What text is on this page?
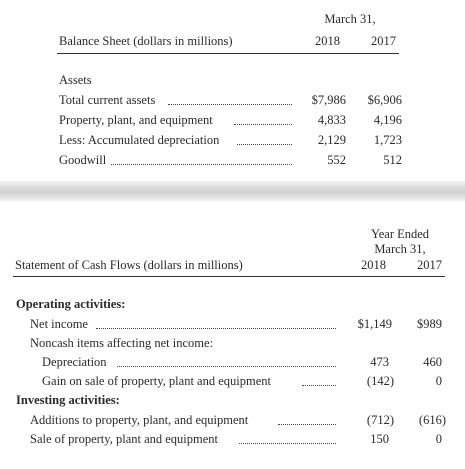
March 31,
Balance Sheet (dollars in millions)	2018	2017
Assets
Total current assets	$7,986	$6,906
Property, plant, and equipment	4,833	4,196
Less: Accumulated depreciation	2,129	1,723
Goodwill	552	512
Year Ended
March 31,
Statement of Cash Flows (dollars in millions)	2018	2017
Operating activities:
Net income	$1,149	$989
Noncash items affecting net income:
Depreciation	473	460
Gain on sale of property, plant and equipment	(142)	0
Investing activities:
Additions to property, plant, and equipment	(712)	(616)
Sale of property, plant and equipment	150	0
